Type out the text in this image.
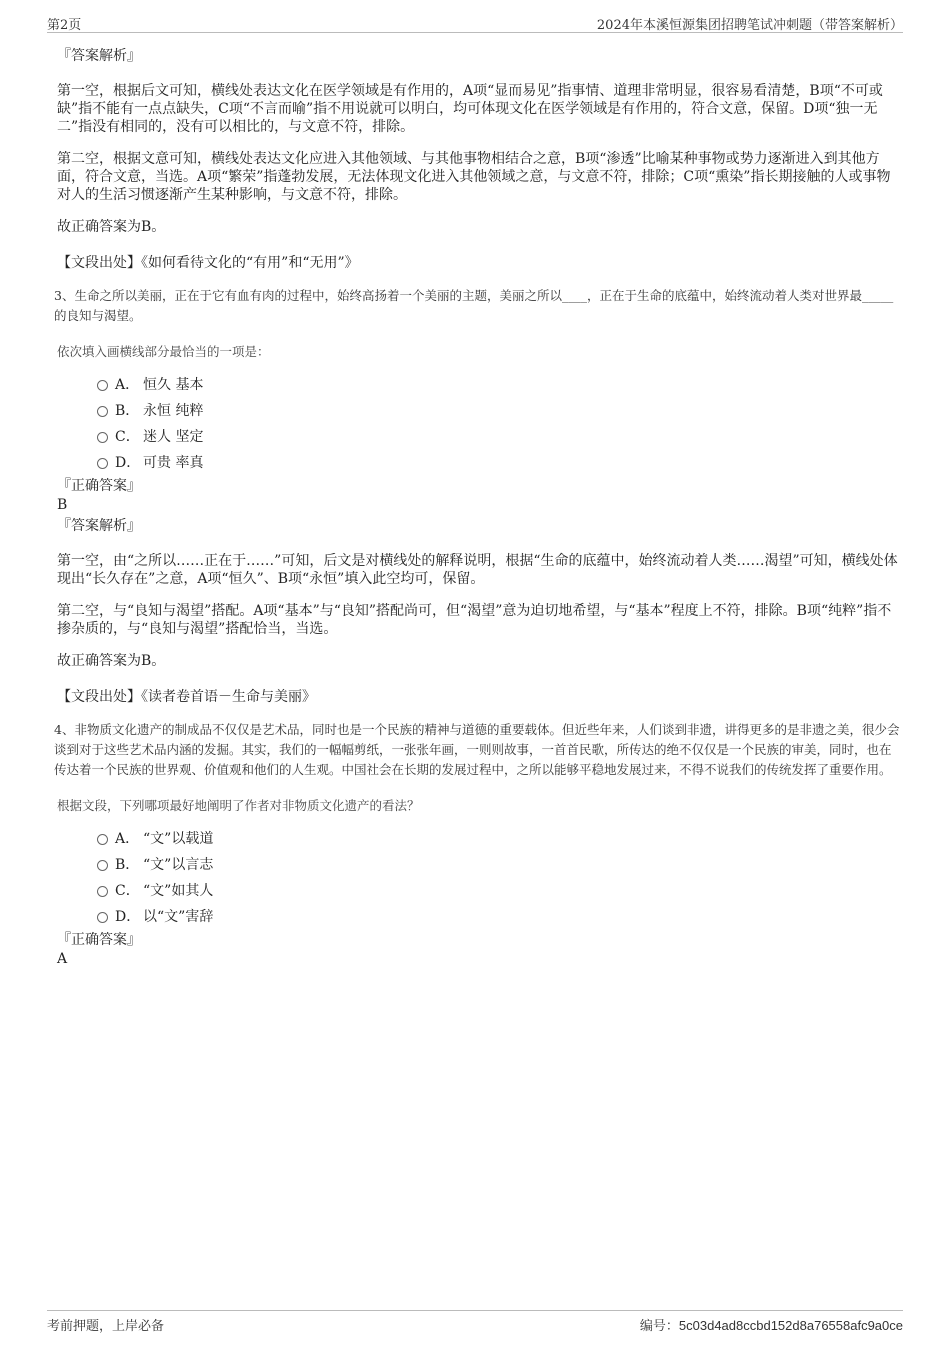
第2页	2024年本溪恒源集团招聘笔试冲刺题（带答案解析）

『答案解析』

第一空，根据后文可知，横线处表达文化在医学领域是有作用的，A项“显而易见”指事情、道理非常明显，很容易看清楚，B项“不可或缺”指不能有一点点缺失，C项“不言而喻”指不用说就可以明白，均可体现文化在医学领域是有作用的，符合文意，保留。D项“独一无二”指没有相同的，没有可以相比的，与文意不符，排除。

第二空，根据文意可知，横线处表达文化应进入其他领域、与其他事物相结合之意，B项“渗透”比喻某种事物或势力逐渐进入到其他方面，符合文意，当选。A项“繁荣”指蓬勃发展，无法体现文化进入其他领域之意，与文意不符，排除；C项“熏染”指长期接触的人或事物对人的生活习惯逐渐产生某种影响，与文意不符，排除。

故正确答案为B。

【文段出处】《如何看待文化的“有用”和“无用”》

3、生命之所以美丽，正在于它有血有肉的过程中，始终高扬着一个美丽的主题，美丽之所以____，正在于生命的底蕴中，始终流动着人类对世界最_____的良知与渴望。

依次填入画横线部分最恰当的一项是：

A． 恒久 基本
B． 永恒 纯粹
C． 迷人 坚定
D． 可贵 率真

『正确答案』

B

『答案解析』

第一空，由“之所以……正在于……”可知，后文是对横线处的解释说明，根据“生命的底蕴中，始终流动着人类……渴望”可知，横线处体现出“长久存在”之意，A项“恒久”、B项“永恒”填入此空均可，保留。

第二空，与“良知与渴望”搭配。A项“基本”与“良知”搭配尚可，但“渴望”意为迫切地希望，与“基本”程度上不符，排除。B项“纯粹”指不掺杂质的，与“良知与渴望”搭配恰当，当选。

故正确答案为B。

【文段出处】《读者卷首语－生命与美丽》

4、非物质文化遗产的制成品不仅仅是艺术品，同时也是一个民族的精神与道德的重要载体。但近些年来，人们谈到非遗，讲得更多的是非遗之美，很少会谈到对于这些艺术品内涵的发掘。其实，我们的一幅幅剪纸，一张张年画，一则则故事，一首首民歌，所传达的绝不仅仅是一个民族的审美，同时，也在传达着一个民族的世界观、价值观和他们的人生观。中国社会在长期的发展过程中，之所以能够平稳地发展过来，不得不说我们的传统发挥了重要作用。

根据文段，下列哪项最好地阐明了作者对非物质文化遗产的看法？

A． “文”以载道
B． “文”以言志
C． “文”如其人
D． 以“文”害辞

『正确答案』

A

考前押题，上岸必备	编号：5c03d4ad8ccbd152d8a76558afc9a0ce
